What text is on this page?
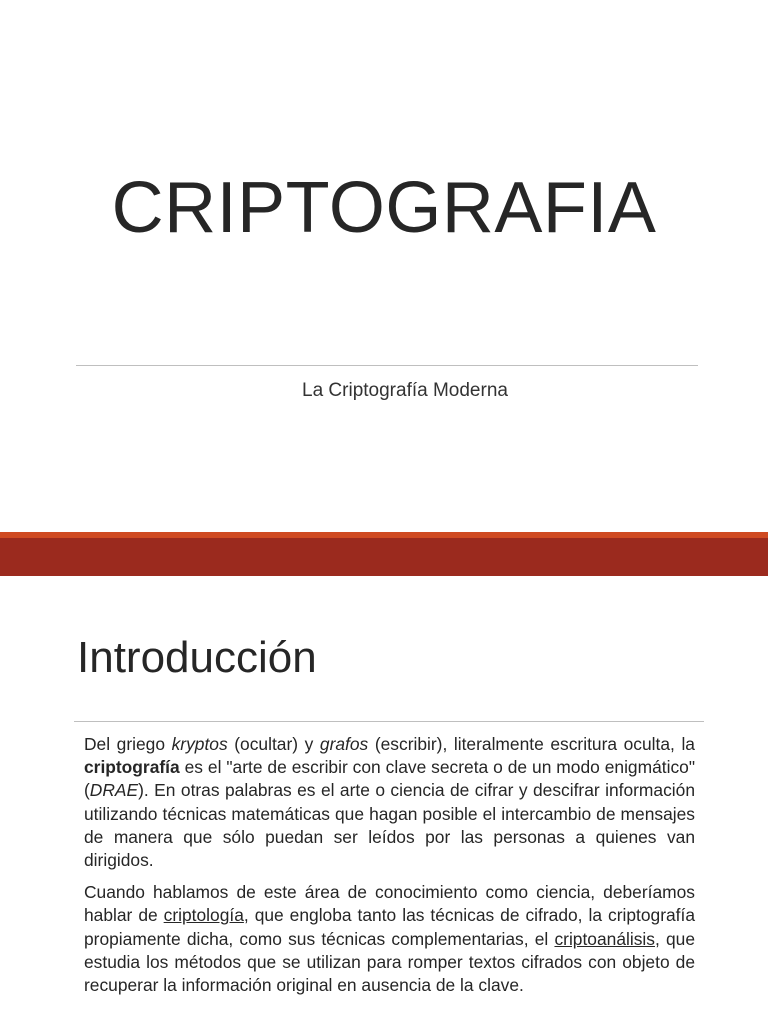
CRIPTOGRAFIA
La Criptografía Moderna
Introducción

Del griego kryptos (ocultar) y grafos (escribir), literalmente escritura oculta, la criptografía es el "arte de escribir con clave secreta o de un modo enigmático" (DRAE). En otras palabras es el arte o ciencia de cifrar y descifrar información utilizando técnicas matemáticas que hagan posible el intercambio de mensajes de manera que sólo puedan ser leídos por las personas a quienes van dirigidos.

Cuando hablamos de este área de conocimiento como ciencia, deberíamos hablar de criptología, que engloba tanto las técnicas de cifrado, la criptografía propiamente dicha, como sus técnicas complementarias, el criptoanálisis, que estudia los métodos que se utilizan para romper textos cifrados con objeto de recuperar la información original en ausencia de la clave.
